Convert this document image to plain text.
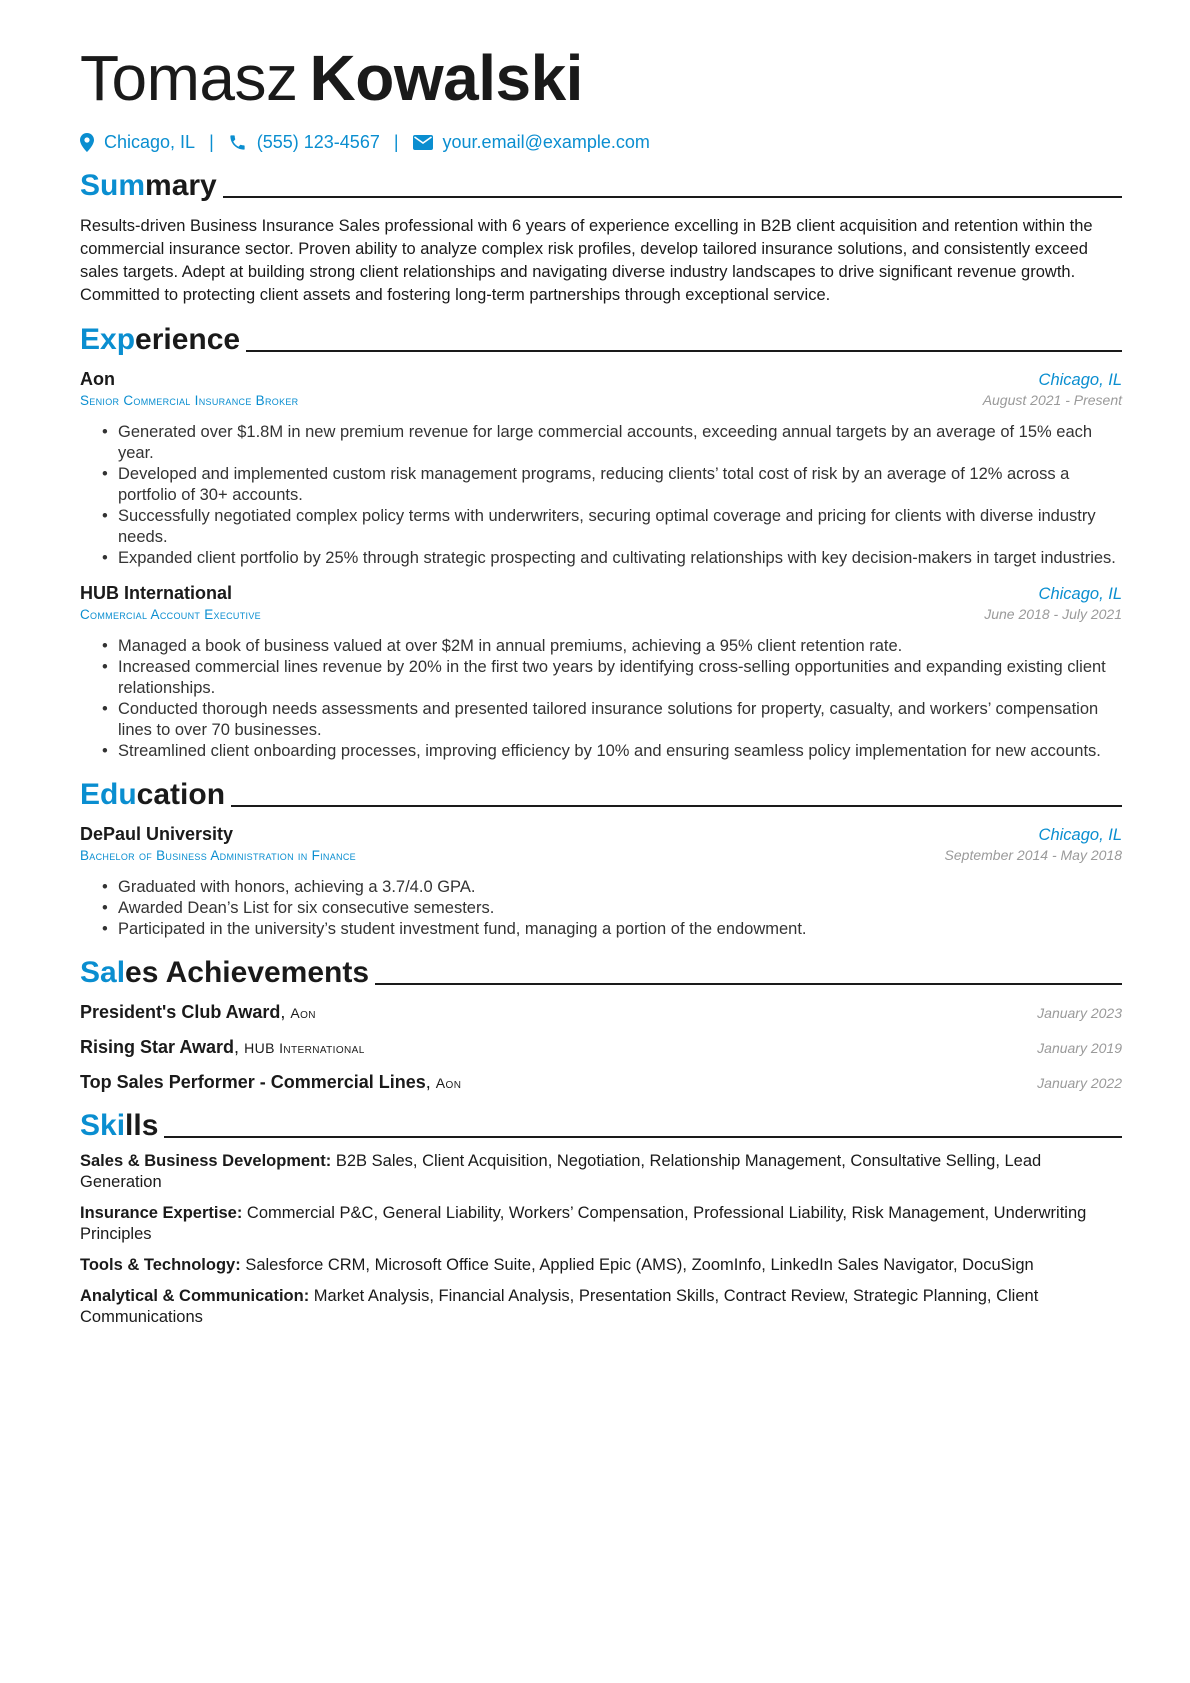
Tomasz Kowalski
Chicago, IL | (555) 123-4567 | your.email@example.com
Summary

Results-driven Business Insurance Sales professional with 6 years of experience excelling in B2B client acquisition and retention within the commercial insurance sector. Proven ability to analyze complex risk profiles, develop tailored insurance solutions, and consistently exceed sales targets. Adept at building strong client relationships and navigating diverse industry landscapes to drive significant revenue growth. Committed to protecting client assets and fostering long-term partnerships through exceptional service.

Experience
Aon	Chicago, IL
Senior Commercial Insurance Broker	August 2021 - Present
• Generated over $1.8M in new premium revenue for large commercial accounts, exceeding annual targets by an average of 15% each year.
• Developed and implemented custom risk management programs, reducing clients’ total cost of risk by an average of 12% across a portfolio of 30+ accounts.
• Successfully negotiated complex policy terms with underwriters, securing optimal coverage and pricing for clients with diverse industry needs.
• Expanded client portfolio by 25% through strategic prospecting and cultivating relationships with key decision-makers in target industries.
HUB International	Chicago, IL
Commercial Account Executive	June 2018 - July 2021
• Managed a book of business valued at over $2M in annual premiums, achieving a 95% client retention rate.
• Increased commercial lines revenue by 20% in the first two years by identifying cross-selling opportunities and expanding existing client relationships.
• Conducted thorough needs assessments and presented tailored insurance solutions for property, casualty, and workers’ compensation lines to over 70 businesses.
• Streamlined client onboarding processes, improving efficiency by 10% and ensuring seamless policy implementation for new accounts.
Education
DePaul University	Chicago, IL
Bachelor of Business Administration in Finance	September 2014 - May 2018
• Graduated with honors, achieving a 3.7/4.0 GPA.
• Awarded Dean’s List for six consecutive semesters.
• Participated in the university’s student investment fund, managing a portion of the endowment.
Sales Achievements
President's Club Award, Aon	January 2023
Rising Star Award, HUB International	January 2019
Top Sales Performer - Commercial Lines, Aon	January 2022
Skills
Sales & Business Development: B2B Sales, Client Acquisition, Negotiation, Relationship Management, Consultative Selling, Lead Generation
Insurance Expertise: Commercial P&C, General Liability, Workers’ Compensation, Professional Liability, Risk Management, Underwriting Principles
Tools & Technology: Salesforce CRM, Microsoft Office Suite, Applied Epic (AMS), ZoomInfo, LinkedIn Sales Navigator, DocuSign
Analytical & Communication: Market Analysis, Financial Analysis, Presentation Skills, Contract Review, Strategic Planning, Client Communications
